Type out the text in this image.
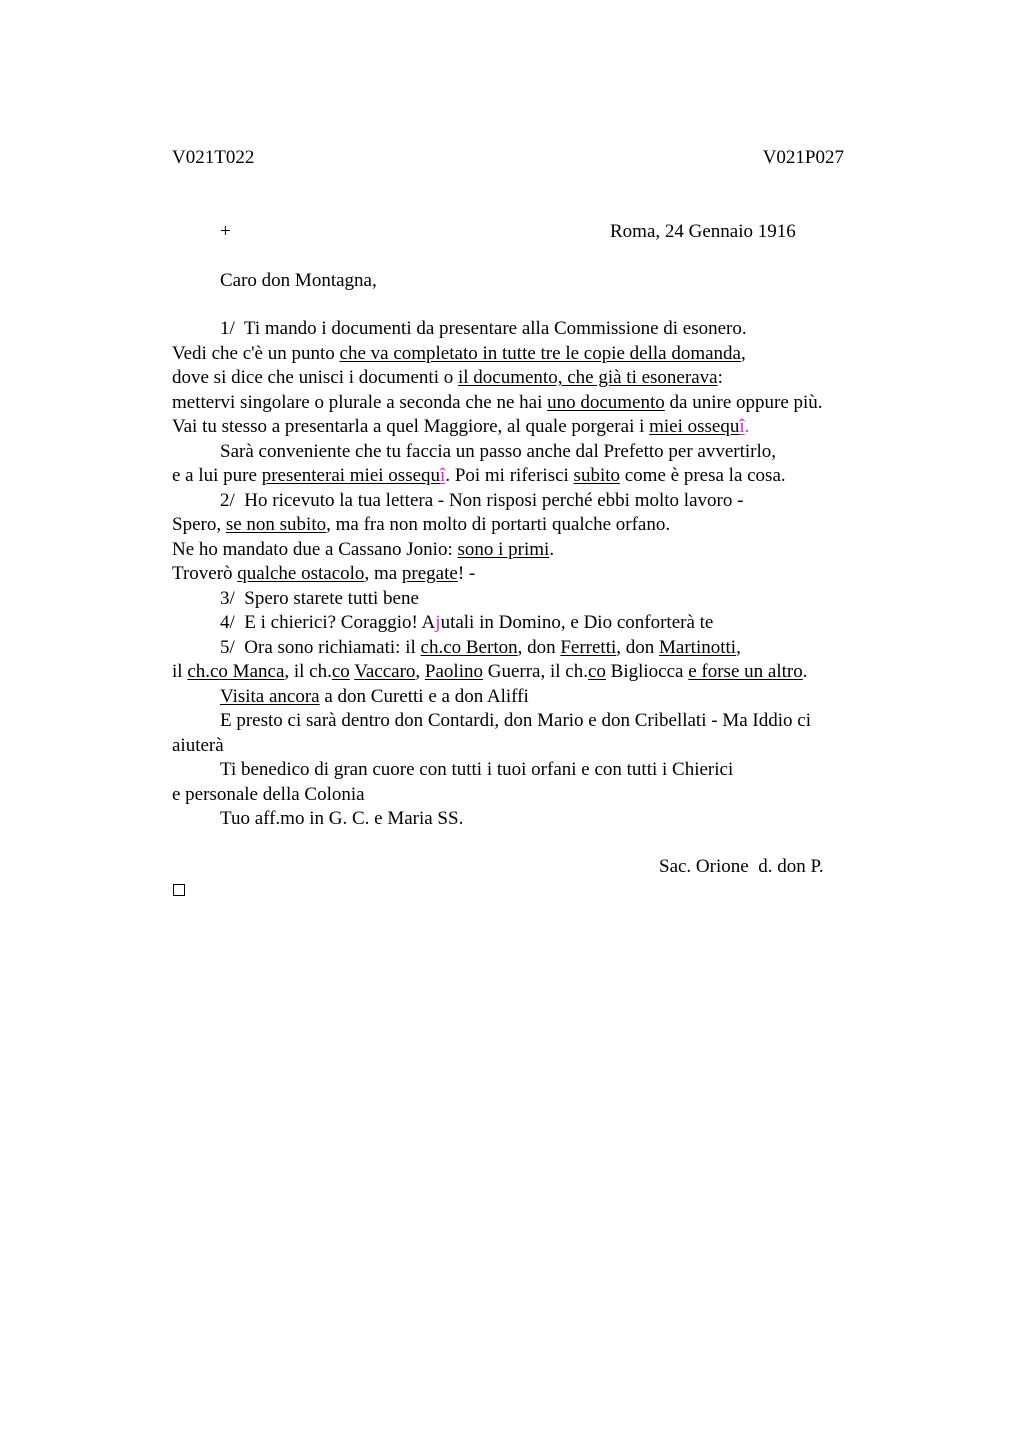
V021T022	V021P027
+	Roma, 24 Gennaio 1916
Caro don Montagna,
1/  Ti mando i documenti da presentare alla Commissione di esonero.
Vedi che c'è un punto che va completato in tutte tre le copie della domanda,
dove si dice che unisci i documenti o il documento, che già ti esonerava:
mettervi singolare o plurale a seconda che ne hai uno documento da unire oppure più.
Vai tu stesso a presentarla a quel Maggiore, al quale porgerai i miei ossequî.
Sarà conveniente che tu faccia un passo anche dal Prefetto per avvertirlo,
e a lui pure presenterai miei ossequî. Poi mi riferisci subito come è presa la cosa.
2/  Ho ricevuto la tua lettera - Non risposi perché ebbi molto lavoro -
Spero, se non subito, ma fra non molto di portarti qualche orfano.
Ne ho mandato due a Cassano Jonio: sono i primi.
Troverò qualche ostacolo, ma pregate! -
3/  Spero starete tutti bene
4/  E i chierici? Coraggio! Ajutali in Domino, e Dio conforterà te
5/  Ora sono richiamati: il ch.co Berton, don Ferretti, don Martinotti,
il ch.co Manca, il ch.co Vaccaro, Paolino Guerra, il ch.co Bigliocca e forse un altro.
Visita ancora a don Curetti e a don Aliffi
E presto ci sarà dentro don Contardi, don Mario e don Cribellati - Ma Iddio ci
aiuterà
Ti benedico di gran cuore con tutti i tuoi orfani e con tutti i Chierici
e personale della Colonia
Tuo aff.mo in G. C. e Maria SS.
Sac. Orione  d. don P.
